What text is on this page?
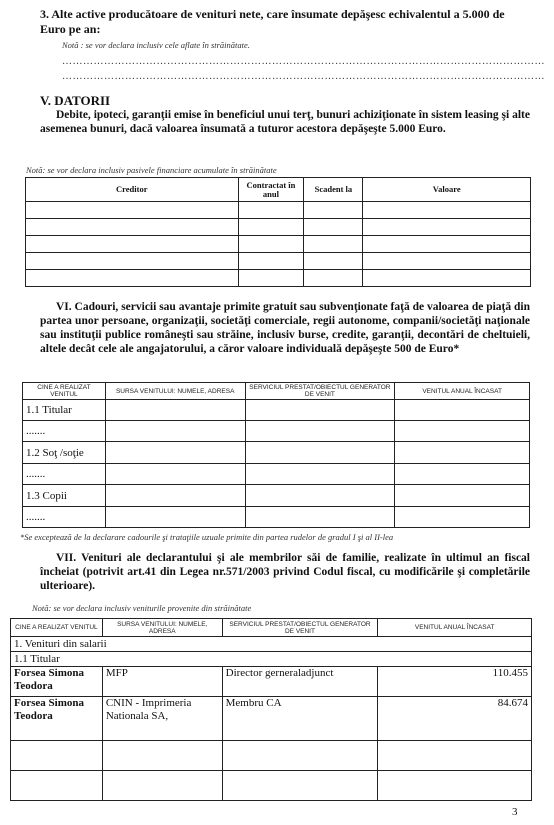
3. Alte active producătoare de venituri nete, care însumate depăşesc echivalentul a 5.000 de
Euro pe an:
Notă : se vor declara inclusiv cele aflate în străinătate.
…………………………………………………………………………………………………………………………
…………………………………………………………………………………………………………………………
V. DATORII
Debite, ipoteci, garanţii emise în beneficiul unui terţ, bunuri achiziţionate în sistem leasing şi alte asemenea bunuri, dacă valoarea însumată a tuturor acestora depăşeşte 5.000 Euro.
Notă: se vor declara inclusiv pasivele financiare acumulate în străinătate
Creditor	Contractat în anul	Scadent la	Valoare

VI. Cadouri, servicii sau avantaje primite gratuit sau subvenţionate faţă de valoarea de piaţă din partea unor persoane, organizaţii, societăţi comerciale, regii autonome, companii/societăţi naţionale sau instituţii publice româneşti sau străine, inclusiv burse, credite, garanţii, decontări de cheltuieli, altele decât cele ale angajatorului, a căror valoare individuală depăşeşte 500 de Euro*
CINE A REALIZAT VENITUL	SURSA VENITULUI: NUMELE, ADRESA	SERVICIUL PRESTAT/OBIECTUL GENERATOR DE VENIT	VENITUL ANUAL ÎNCASAT
1.1 Titular			
.......			
1.2 Soţ /soţie			
.......			
1.3 Copii			
.......			
*Se exceptează de la declarare cadourile şi trataţiile uzuale primite din partea rudelor de gradul I şi al II-lea
VII. Venituri ale declarantului şi ale membrilor săi de familie, realizate în ultimul an fiscal încheiat (potrivit art.41 din Legea nr.571/2003 privind Codul fiscal, cu modificările şi completările ulterioare).
Notă: se vor declara inclusiv veniturile provenite din străinătate
CINE A REALIZAT VENITUL	SURSA VENITULUI: NUMELE, ADRESA	SERVICIUL PRESTAT/OBIECTUL GENERATOR DE VENIT	VENITUL ANUAL ÎNCASAT
1. Venituri din salarii			
1.1 Titular			
Forsea Simona Teodora	MFP	Director gerneraladjunct	110.455
Forsea Simona Teodora	CNIN - Imprimeria Nationala SA,	Membru CA	84.674

3
